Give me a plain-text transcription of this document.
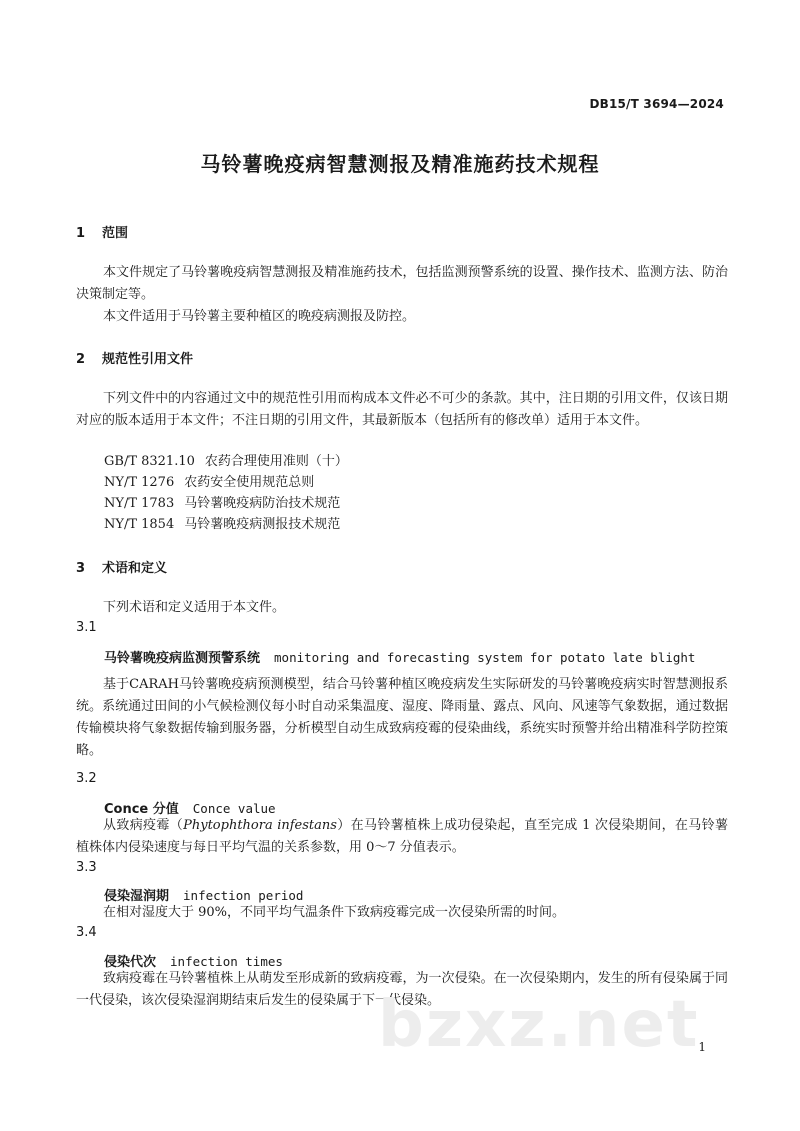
DB15/T 3694—2024
马铃薯晚疫病智慧测报及精准施药技术规程
1 范围
本文件规定了马铃薯晚疫病智慧测报及精准施药技术，包括监测预警系统的设置、操作技术、监测方法、防治决策制定等。
本文件适用于马铃薯主要种植区的晚疫病测报及防控。
2 规范性引用文件
下列文件中的内容通过文中的规范性引用而构成本文件必不可少的条款。其中，注日期的引用文件，仅该日期对应的版本适用于本文件；不注日期的引用文件，其最新版本（包括所有的修改单）适用于本文件。
GB/T 8321.10 农药合理使用准则（十）
NY/T 1276 农药安全使用规范总则
NY/T 1783 马铃薯晚疫病防治技术规范
NY/T 1854 马铃薯晚疫病测报技术规范
3 术语和定义
下列术语和定义适用于本文件。
3.1
马铃薯晚疫病监测预警系统 monitoring and forecasting system for potato late blight
基于CARAH马铃薯晚疫病预测模型，结合马铃薯种植区晚疫病发生实际研发的马铃薯晚疫病实时智慧测报系统。系统通过田间的小气候检测仪每小时自动采集温度、湿度、降雨量、露点、风向、风速等气象数据，通过数据传输模块将气象数据传输到服务器，分析模型自动生成致病疫霉的侵染曲线，系统实时预警并给出精准科学防控策略。
3.2
Conce 分值 Conce value
从致病疫霉（Phytophthora infestans）在马铃薯植株上成功侵染起，直至完成 1 次侵染期间，在马铃薯植株体内侵染速度与每日平均气温的关系参数，用 0～7 分值表示。
3.3
侵染湿润期 infection period
在相对湿度大于 90%，不同平均气温条件下致病疫霉完成一次侵染所需的时间。
3.4
侵染代次 infection times
致病疫霉在马铃薯植株上从萌发至形成新的致病疫霉，为一次侵染。在一次侵染期内，发生的所有侵染属于同一代侵染，该次侵染湿润期结束后发生的侵染属于下一代侵染。
bzxz.net
1
